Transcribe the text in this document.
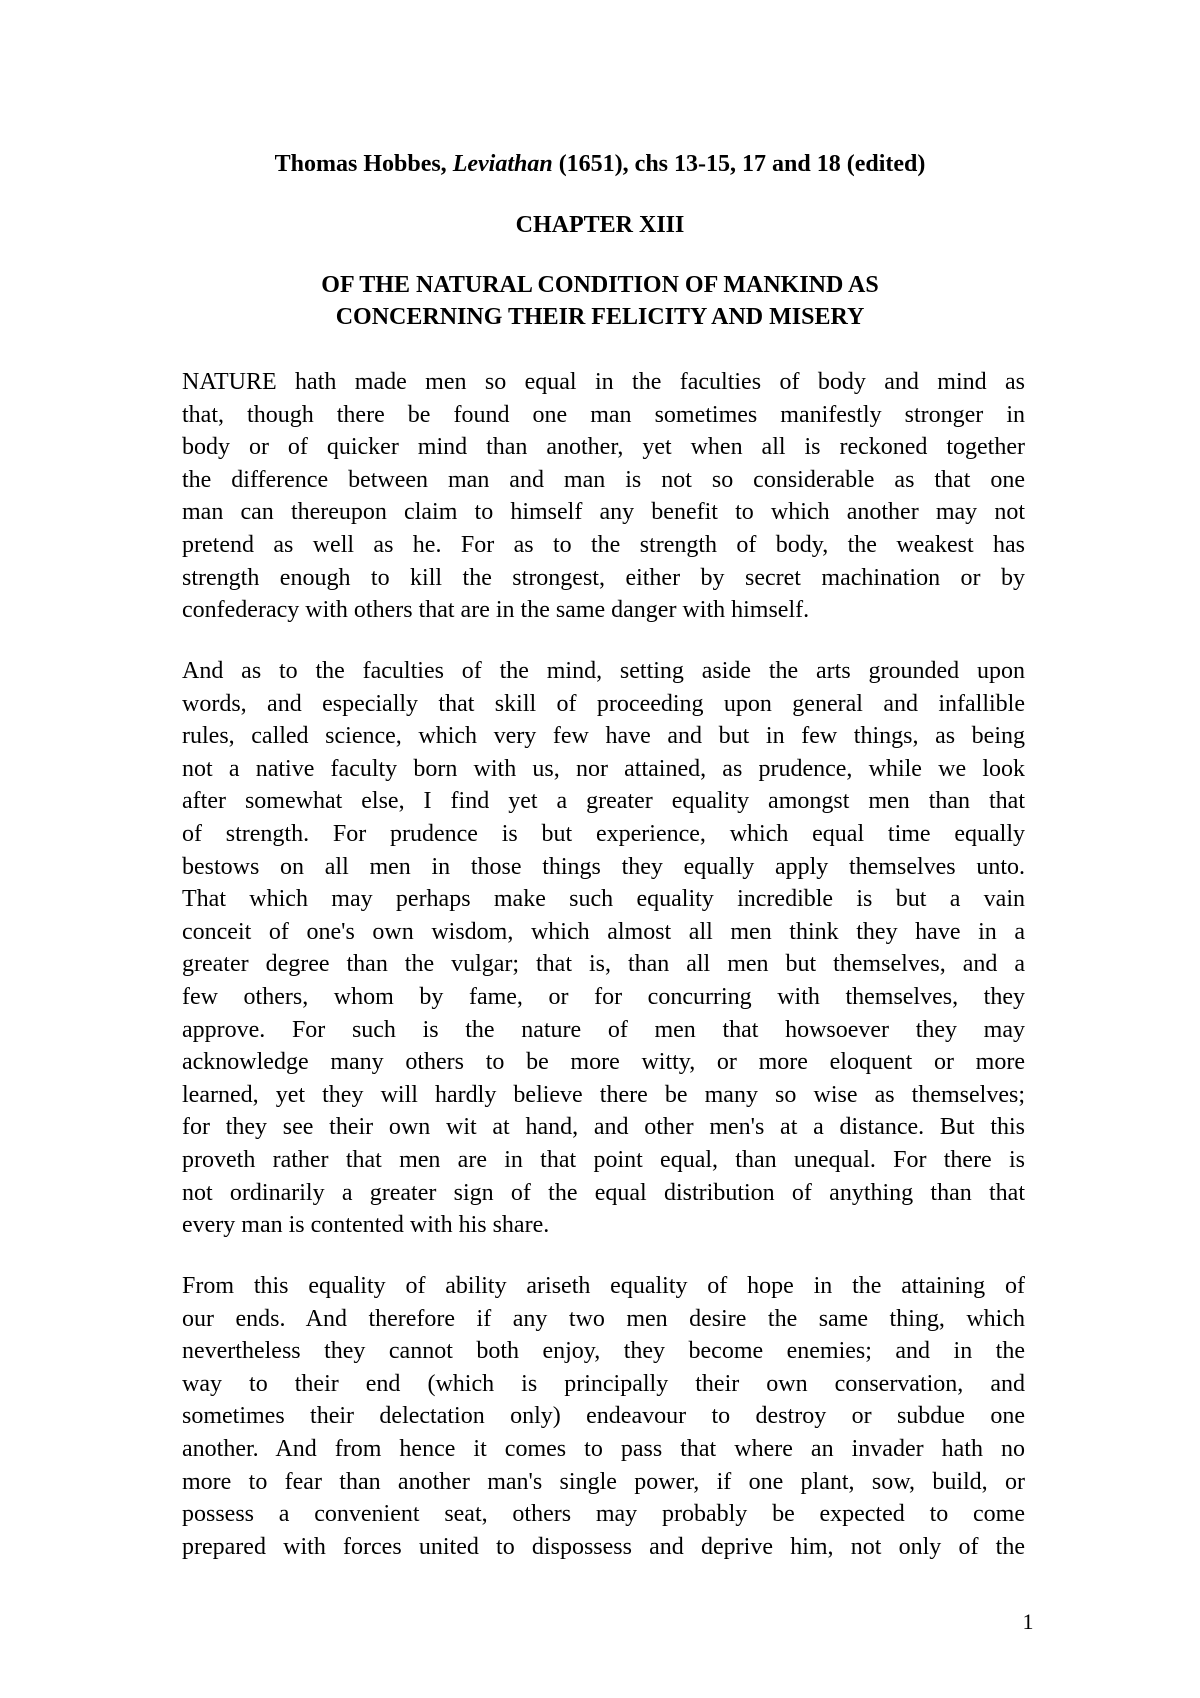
Thomas Hobbes, Leviathan (1651), chs 13-15, 17 and 18 (edited)
CHAPTER XIII
OF THE NATURAL CONDITION OF MANKIND AS
CONCERNING THEIR FELICITY AND MISERY
NATURE hath made men so equal in the faculties of body and mind as
that, though there be found one man sometimes manifestly stronger in
body or of quicker mind than another, yet when all is reckoned together
the difference between man and man is not so considerable as that one
man can thereupon claim to himself any benefit to which another may not
pretend as well as he. For as to the strength of body, the weakest has
strength enough to kill the strongest, either by secret machination or by
confederacy with others that are in the same danger with himself.
And as to the faculties of the mind, setting aside the arts grounded upon
words, and especially that skill of proceeding upon general and infallible
rules, called science, which very few have and but in few things, as being
not a native faculty born with us, nor attained, as prudence, while we look
after somewhat else, I find yet a greater equality amongst men than that
of strength. For prudence is but experience, which equal time equally
bestows on all men in those things they equally apply themselves unto.
That which may perhaps make such equality incredible is but a vain
conceit of one's own wisdom, which almost all men think they have in a
greater degree than the vulgar; that is, than all men but themselves, and a
few others, whom by fame, or for concurring with themselves, they
approve. For such is the nature of men that howsoever they may
acknowledge many others to be more witty, or more eloquent or more
learned, yet they will hardly believe there be many so wise as themselves;
for they see their own wit at hand, and other men's at a distance. But this
proveth rather that men are in that point equal, than unequal. For there is
not ordinarily a greater sign of the equal distribution of anything than that
every man is contented with his share.
From this equality of ability ariseth equality of hope in the attaining of
our ends. And therefore if any two men desire the same thing, which
nevertheless they cannot both enjoy, they become enemies; and in the
way to their end (which is principally their own conservation, and
sometimes their delectation only) endeavour to destroy or subdue one
another. And from hence it comes to pass that where an invader hath no
more to fear than another man's single power, if one plant, sow, build, or
possess a convenient seat, others may probably be expected to come
prepared with forces united to dispossess and deprive him, not only of the
1
